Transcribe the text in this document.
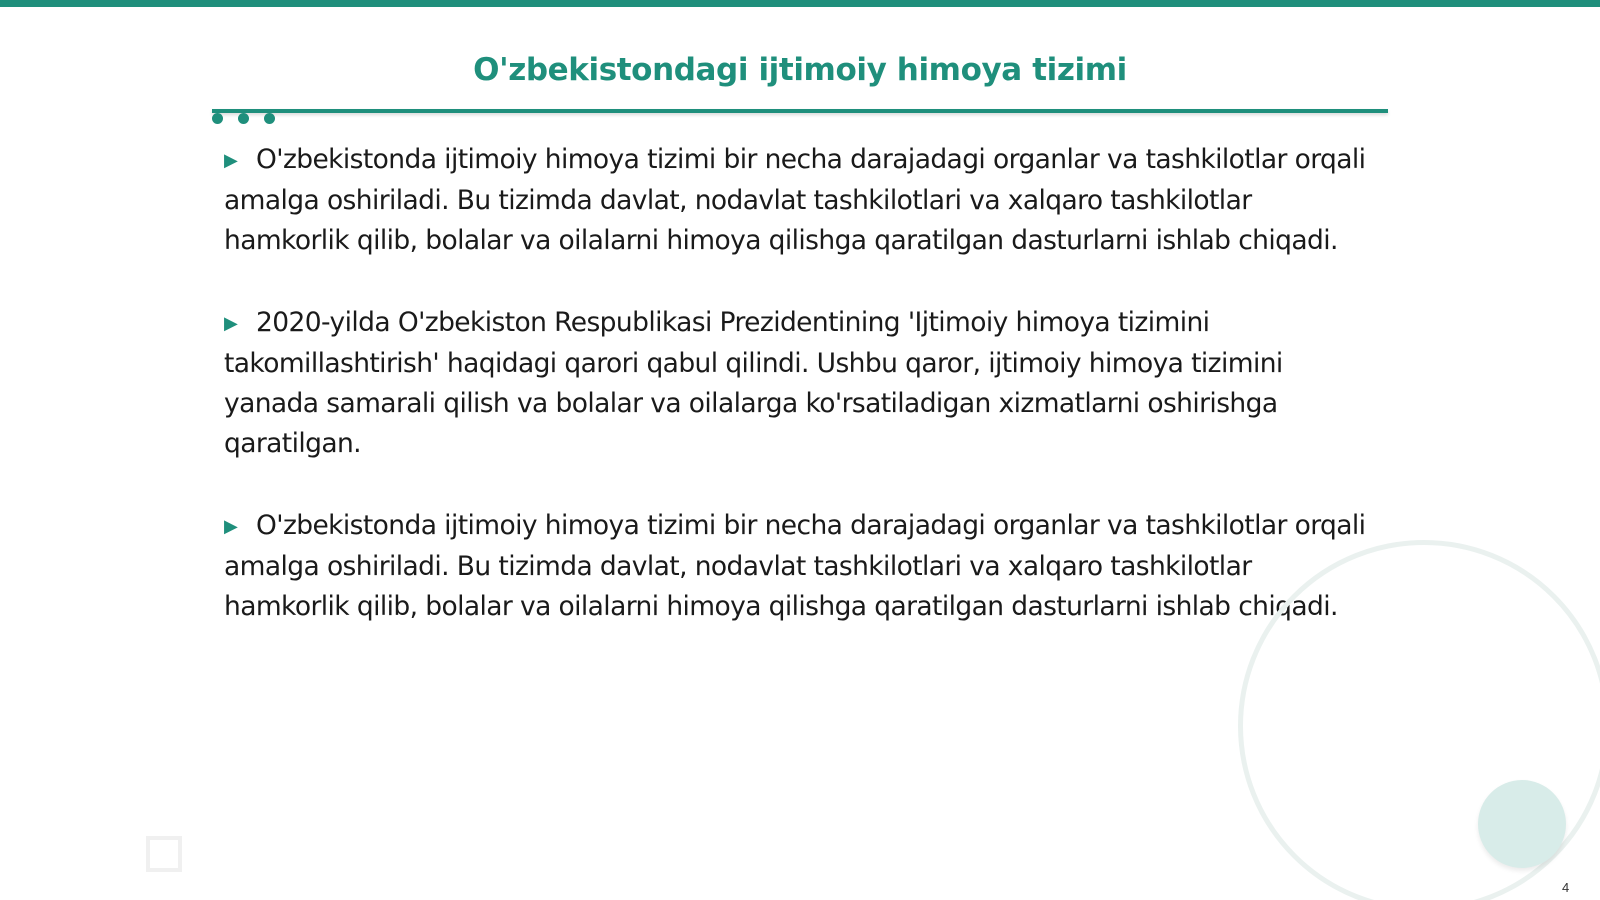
O'zbekistondagi ijtimoiy himoya tizimi

▶ O'zbekistonda ijtimoiy himoya tizimi bir necha darajadagi organlar va tashkilotlar orqali amalga oshiriladi. Bu tizimda davlat, nodavlat tashkilotlari va xalqaro tashkilotlar hamkorlik qilib, bolalar va oilalarni himoya qilishga qaratilgan dasturlarni ishlab chiqadi.

▶ 2020-yilda O'zbekiston Respublikasi Prezidentining 'Ijtimoiy himoya tizimini takomillashtirish' haqidagi qarori qabul qilindi. Ushbu qaror, ijtimoiy himoya tizimini yanada samarali qilish va bolalar va oilalarga ko'rsatiladigan xizmatlarni oshirishga qaratilgan.

▶ O'zbekistonda ijtimoiy himoya tizimi bir necha darajadagi organlar va tashkilotlar orqali amalga oshiriladi. Bu tizimda davlat, nodavlat tashkilotlari va xalqaro tashkilotlar hamkorlik qilib, bolalar va oilalarni himoya qilishga qaratilgan dasturlarni ishlab chiqadi.

4
